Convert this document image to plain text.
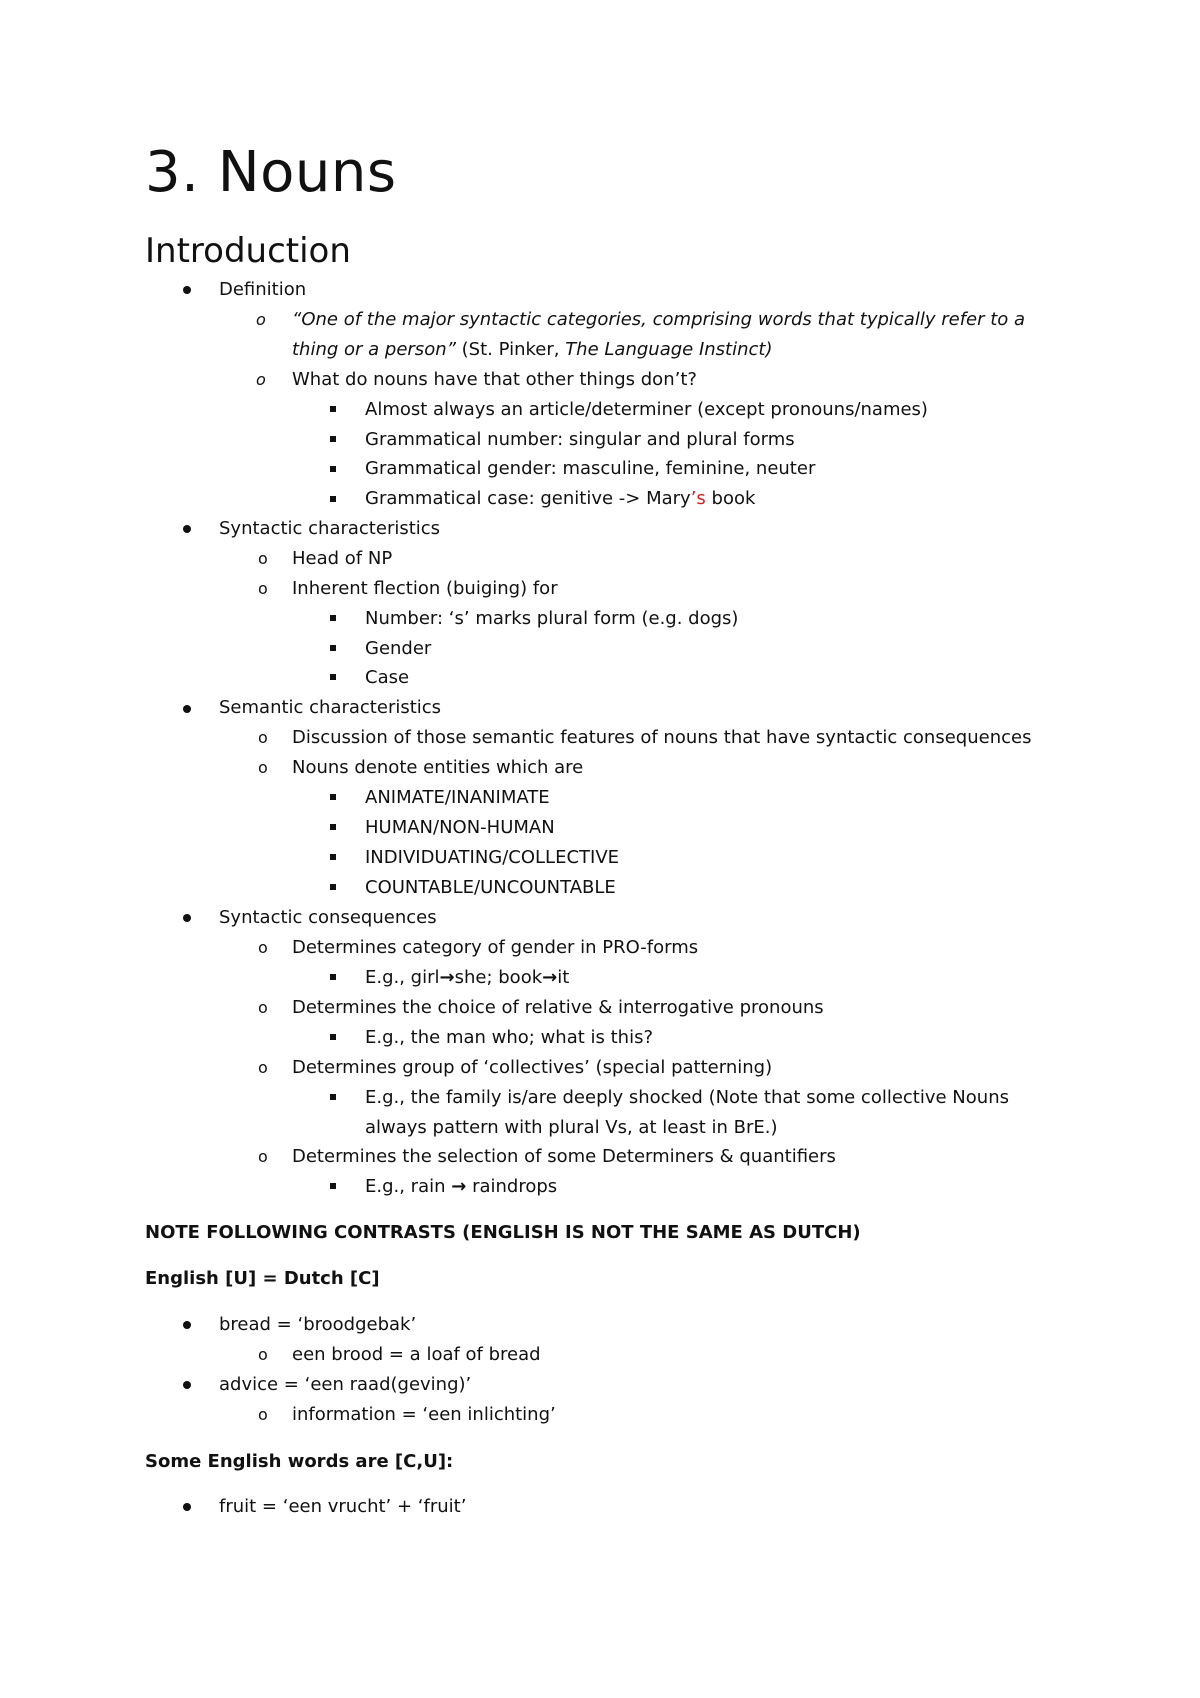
3. Nouns
Introduction
Definition
o “One of the major syntactic categories, comprising words that typically refer to a
thing or a person” (St. Pinker, The Language Instinct)
o What do nouns have that other things don’t?
Almost always an article/determiner (except pronouns/names)
Grammatical number: singular and plural forms
Grammatical gender: masculine, feminine, neuter
Grammatical case: genitive -> Mary’s book
Syntactic characteristics
o Head of NP
o Inherent flection (buiging) for
Number: ‘s’ marks plural form (e.g. dogs)
Gender
Case
Semantic characteristics
o Discussion of those semantic features of nouns that have syntactic consequences
o Nouns denote entities which are
ANIMATE/INANIMATE
HUMAN/NON-HUMAN
INDIVIDUATING/COLLECTIVE
COUNTABLE/UNCOUNTABLE
Syntactic consequences
o Determines category of gender in PRO-forms
E.g., girl→she; book→it
o Determines the choice of relative & interrogative pronouns
E.g., the man who; what is this?
o Determines group of ‘collectives’ (special patterning)
E.g., the family is/are deeply shocked (Note that some collective Nouns
always pattern with plural Vs, at least in BrE.)
o Determines the selection of some Determiners & quantifiers
E.g., rain → raindrops
NOTE FOLLOWING CONTRASTS (ENGLISH IS NOT THE SAME AS DUTCH)
English [U] = Dutch [C]
bread = ‘broodgebak’
o een brood = a loaf of bread
advice = ‘een raad(geving)’
o information = ‘een inlichting’
Some English words are [C,U]:
fruit = ‘een vrucht’ + ‘fruit’
